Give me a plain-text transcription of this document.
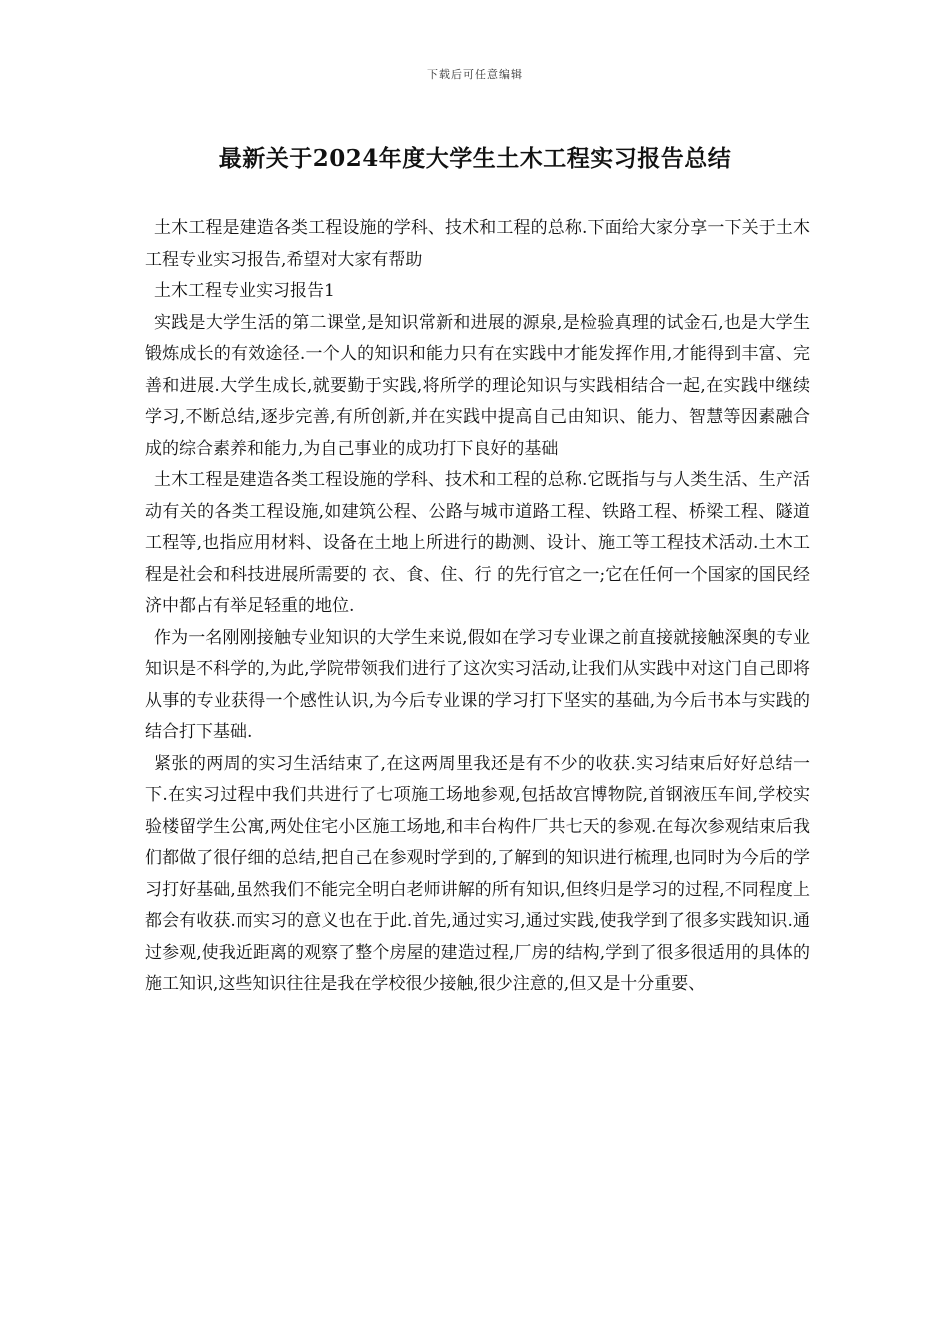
下载后可任意编辑
最新关于2024年度大学生土木工程实习报告总结

土木工程是建造各类工程设施的学科、技术和工程的总称.下面给大家分享一下关于土木工程专业实习报告,希望对大家有帮助

土木工程专业实习报告1

实践是大学生活的第二课堂,是知识常新和进展的源泉,是检验真理的试金石,也是大学生锻炼成长的有效途径.一个人的知识和能力只有在实践中才能发挥作用,才能得到丰富、完善和进展.大学生成长,就要勤于实践,将所学的理论知识与实践相结合一起,在实践中继续学习,不断总结,逐步完善,有所创新,并在实践中提高自己由知识、能力、智慧等因素融合成的综合素养和能力,为自己事业的成功打下良好的基础

土木工程是建造各类工程设施的学科、技术和工程的总称.它既指与与人类生活、生产活动有关的各类工程设施,如建筑公程、公路与城市道路工程、铁路工程、桥梁工程、隧道工程等,也指应用材料、设备在土地上所进行的勘测、设计、施工等工程技术活动.土木工程是社会和科技进展所需要的 衣、食、住、行 的先行官之一;它在任何一个国家的国民经济中都占有举足轻重的地位.

作为一名刚刚接触专业知识的大学生来说,假如在学习专业课之前直接就接触深奥的专业知识是不科学的,为此,学院带领我们进行了这次实习活动,让我们从实践中对这门自己即将从事的专业获得一个感性认识,为今后专业课的学习打下坚实的基础,为今后书本与实践的结合打下基础.

紧张的两周的实习生活结束了,在这两周里我还是有不少的收获.实习结束后好好总结一下.在实习过程中我们共进行了七项施工场地参观,包括故宫博物院,首钢液压车间,学校实验楼留学生公寓,两处住宅小区施工场地,和丰台构件厂共七天的参观.在每次参观结束后我们都做了很仔细的总结,把自己在参观时学到的,了解到的知识进行梳理,也同时为今后的学习打好基础,虽然我们不能完全明白老师讲解的所有知识,但终归是学习的过程,不同程度上都会有收获.而实习的意义也在于此.首先,通过实习,通过实践,使我学到了很多实践知识.通过参观,使我近距离的观察了整个房屋的建造过程,厂房的结构,学到了很多很适用的具体的施工知识,这些知识往往是我在学校很少接触,很少注意的,但又是十分重要、
